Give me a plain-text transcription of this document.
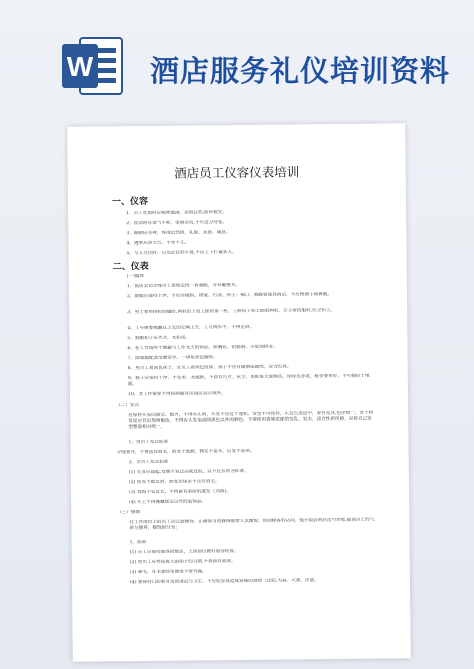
W 酒店服务礼仪培训资料
酒店员工仪容仪表培训
一、仪容
1、员工在岗时应精神饱满，表情自然,面带微笑。
2、说话时应语气平和，语调亲切,不可过分夸张。
3、眼睛应有神，体现出热情、礼貌、友善、诚恳。
4、遇事从容大方，不卑不亢。
5、与人交往时，目光应自然平视,不应上下打量客人。
二、仪表
(一)服饰
1、饭店公司全体员工按规定统一着制服，并穿戴整齐。
2、制服应保持干净，不应有破损、褶皱、污渍，领子、袖口，裤脚要保持清洁，不应挽袖子或裤腿。
3、男士着单排扣西服时,两粒扣子扣上面的第一粒，三粒扣子扣上面的两粒，女士着西服时,应全扣上。
4、工号牌要佩戴在上衣的左胸上方，工号牌水平，不得歪斜。
5、制服扣子应齐全，无松动。
6、在工作场所不佩戴与工作无关的饰品，如胸花、钥匙链、小装饰物等。
7、除制服配套用腰带外，一律系黑色腰带。
8、男员工着深色袜子，女员工着肉色丝袜，袜子不应有破洞或抽丝，应为长袜。
9、鞋子应保持干净、不变形、无破损，不得有污点、灰尘，皮鞋每天要擦拭，保持光泽度，鞋带要系好，不可拖拉于地面。
10、非工作需要不得将制服穿出饭店店区域外。
（二）发式
应保持头发的清洁、整齐，不得有头屑，头发不应过于蓬松，发型不可怪异，头发长度适中，要有光泽,色泽统一，发干和发尾应有出现两极色，不得有头发染成除黑色以外的颜色，不得使用香味浓郁的发乳、发水，适合性质风格，应将自己发型整着相对统一。
1、男员工发式标准
分缝要齐，不得盖住眉毛，前发不盖额，侧发不盖耳，后发不盖领。
2、女员工发式标准
(1) 长发应盘起,发梳不宜过高或过低，以不过衣领为标准。
(2) 短发不能过肩，面发应保证不压住眉毛。
(3) 刘海不宜过长，不得留有眉前的遮发（刘海)。
(4) 头上不得佩戴规定以外的装饰品。
（三）修饰
在工作岗位上的员工应注意修饰，正确得当的修饰能给人以愉悦，得到顾客的认同，提升饭店的层次与形象,提高员工的气质与修养，修饰时分为：
1、面部
(1) 员工应保持面容的整洁，上岗前应做好面容检查。
(2) 男员工应养成每天刮胡子的习惯,不得留有胡须。
(3) 鼻毛，耳毛要经常修剪不得外露。
(4) 要保持口腔和牙齿的清洁与卫生，不应吃容易造成异味的食物（比如:大蒜、大葱、洋葱。
